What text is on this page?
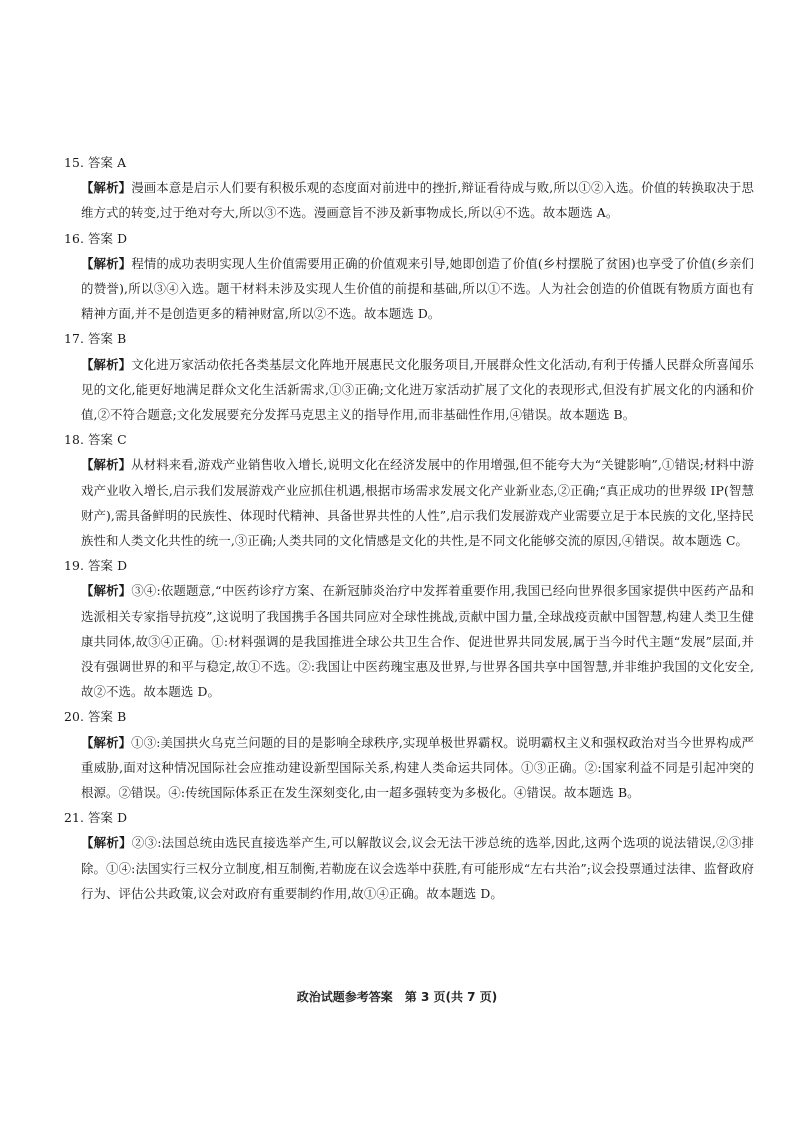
15. 答案 A

【解析】漫画本意是启示人们要有积极乐观的态度面对前进中的挫折,辩证看待成与败,所以①②入选。价值的转换取决于思维方式的转变,过于绝对夸大,所以③不选。漫画意旨不涉及新事物成长,所以④不选。故本题选 A。

16. 答案 D

【解析】程情的成功表明实现人生价值需要用正确的价值观来引导,她即创造了价值(乡村摆脱了贫困)也享受了价值(乡亲们的赞誉),所以③④入选。题干材料未涉及实现人生价值的前提和基础,所以①不选。人为社会创造的价值既有物质方面也有精神方面,并不是创造更多的精神财富,所以②不选。故本题选 D。

17. 答案 B

【解析】文化进万家活动依托各类基层文化阵地开展惠民文化服务项目,开展群众性文化活动,有利于传播人民群众所喜闻乐见的文化,能更好地满足群众文化生活新需求,①③正确;文化进万家活动扩展了文化的表现形式,但没有扩展文化的内涵和价值,②不符合题意;文化发展要充分发挥马克思主义的指导作用,而非基础性作用,④错误。故本题选 B。

18. 答案 C

【解析】从材料来看,游戏产业销售收入增长,说明文化在经济发展中的作用增强,但不能夸大为“关键影响”,①错误;材料中游戏产业收入增长,启示我们发展游戏产业应抓住机遇,根据市场需求发展文化产业新业态,②正确;“真正成功的世界级 IP(智慧财产),需具备鲜明的民族性、体现时代精神、具备世界共性的人性”,启示我们发展游戏产业需要立足于本民族的文化,坚持民族性和人类文化共性的统一,③正确;人类共同的文化情感是文化的共性,是不同文化能够交流的原因,④错误。故本题选 C。

19. 答案 D

【解析】③④:依题题意,“中医药诊疗方案、在新冠肺炎治疗中发挥着重要作用,我国已经向世界很多国家提供中医药产品和选派相关专家指导抗疫”,这说明了我国携手各国共同应对全球性挑战,贡献中国力量,全球战疫贡献中国智慧,构建人类卫生健康共同体,故③④正确。①:材料强调的是我国推进全球公共卫生合作、促进世界共同发展,属于当今时代主题“发展”层面,并没有强调世界的和平与稳定,故①不选。②:我国让中医药瑰宝惠及世界,与世界各国共享中国智慧,并非维护我国的文化安全,故②不选。故本题选 D。

20. 答案 B

【解析】①③:美国拱火乌克兰问题的目的是影响全球秩序,实现单极世界霸权。说明霸权主义和强权政治对当今世界构成严重威胁,面对这种情况国际社会应推动建设新型国际关系,构建人类命运共同体。①③正确。②:国家利益不同是引起冲突的根源。②错误。④:传统国际体系正在发生深刻变化,由一超多强转变为多极化。④错误。故本题选 B。

21. 答案 D

【解析】②③:法国总统由选民直接选举产生,可以解散议会,议会无法干涉总统的选举,因此,这两个选项的说法错误,②③排除。①④:法国实行三权分立制度,相互制衡,若勒庞在议会选举中获胜,有可能形成“左右共治”;议会投票通过法律、监督政府行为、评估公共政策,议会对政府有重要制约作用,故①④正确。故本题选 D。

政治试题参考答案　第 3 页(共 7 页)
